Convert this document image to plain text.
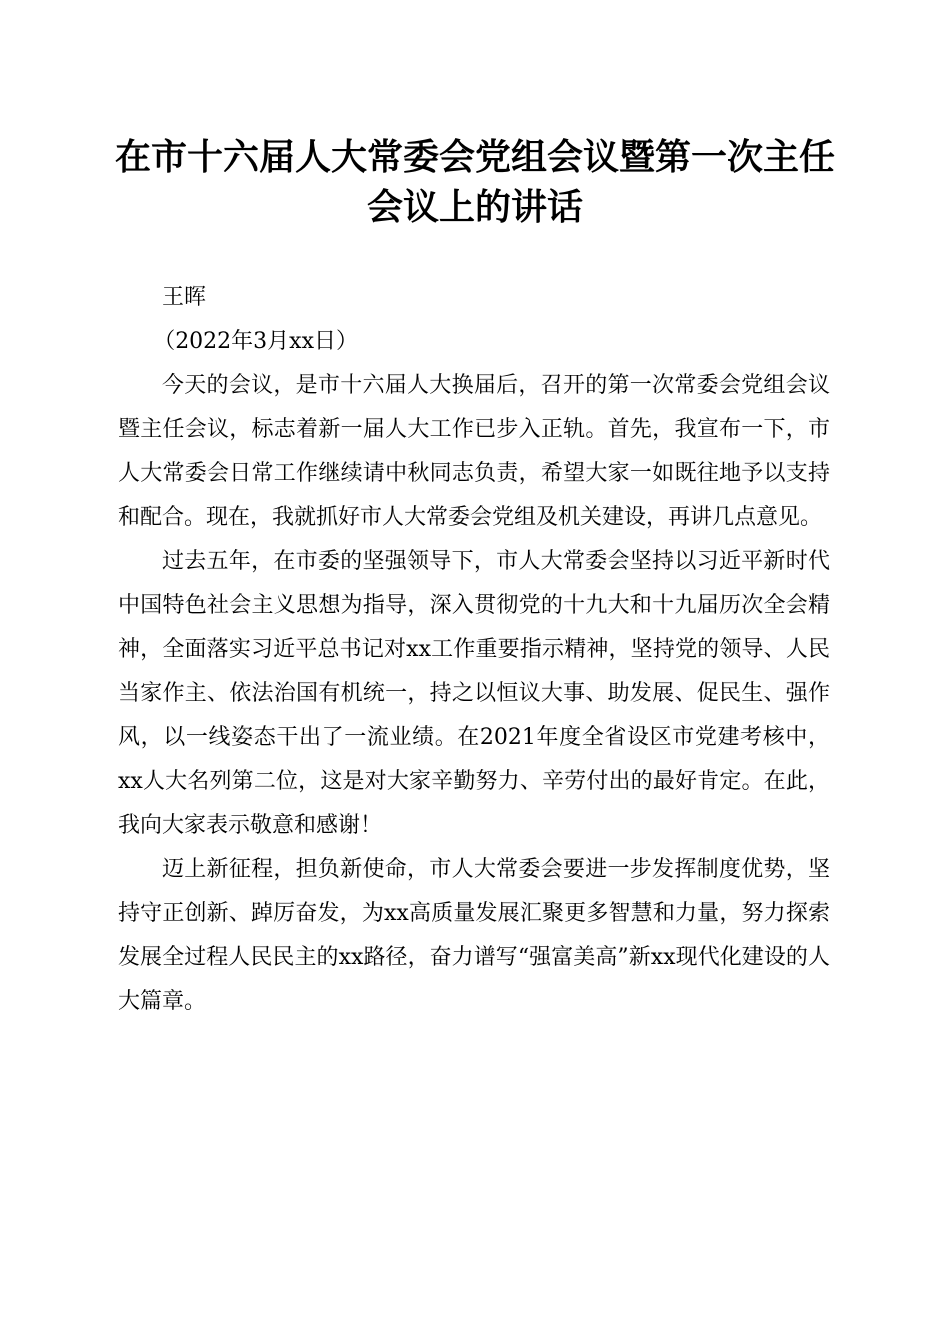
在市十六届人大常委会党组会议暨第一次主任
会议上的讲话
王晖
（2022年3月xx日）

今天的会议，是市十六届人大换届后，召开的第一次常委会党组会议暨主任会议，标志着新一届人大工作已步入正轨。首先，我宣布一下，市人大常委会日常工作继续请中秋同志负责，希望大家一如既往地予以支持和配合。现在，我就抓好市人大常委会党组及机关建设，再讲几点意见。

过去五年，在市委的坚强领导下，市人大常委会坚持以习近平新时代中国特色社会主义思想为指导，深入贯彻党的十九大和十九届历次全会精神，全面落实习近平总书记对xx工作重要指示精神，坚持党的领导、人民当家作主、依法治国有机统一，持之以恒议大事、助发展、促民生、强作风，以一线姿态干出了一流业绩。在2021年度全省设区市党建考核中，xx人大名列第二位，这是对大家辛勤努力、辛劳付出的最好肯定。在此，我向大家表示敬意和感谢！

迈上新征程，担负新使命，市人大常委会要进一步发挥制度优势，坚持守正创新、踔厉奋发，为xx高质量发展汇聚更多智慧和力量，努力探索发展全过程人民民主的xx路径，奋力谱写“强富美高”新xx现代化建设的人大篇章。
